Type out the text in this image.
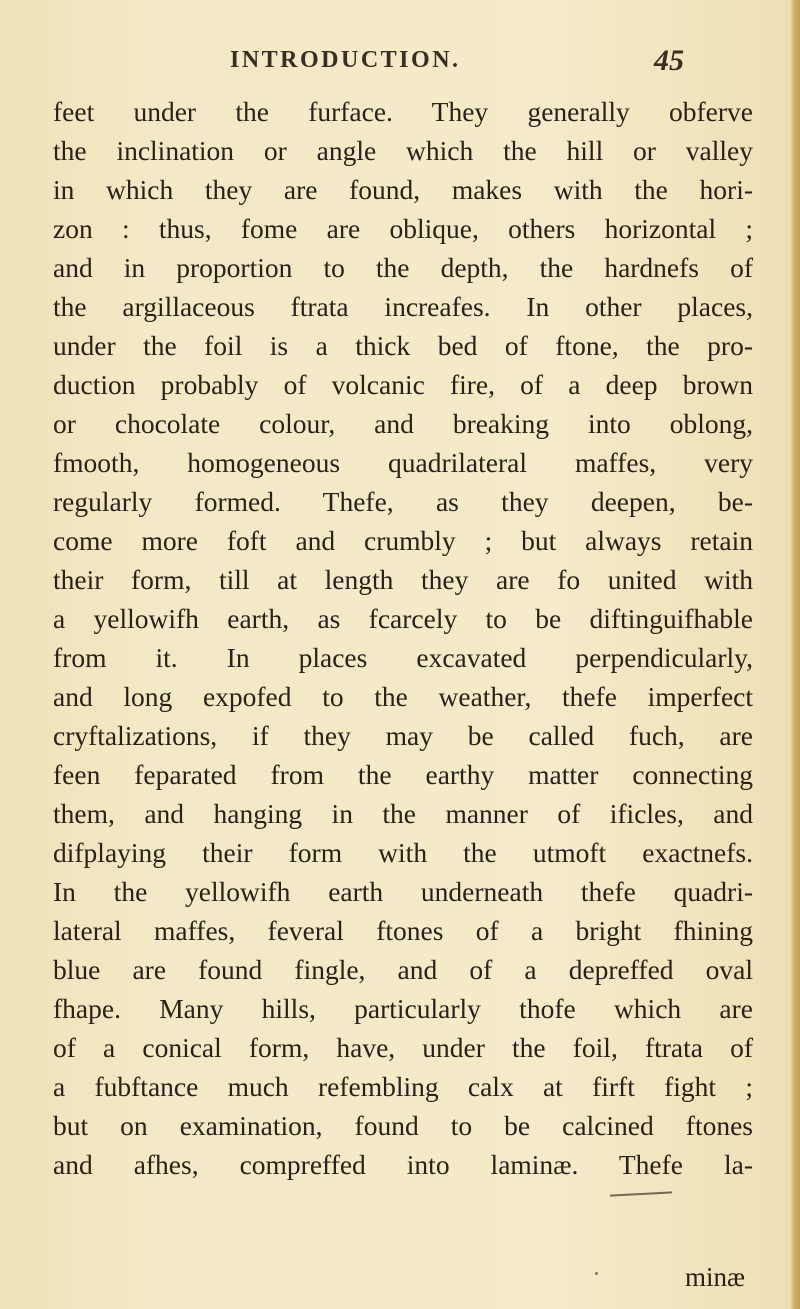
INTRODUCTION.	45
feet under the furface. They generally obferve
the inclination or angle which the hill or valley
in which they are found, makes with the hori-
zon : thus, fome are oblique, others horizontal ;
and in proportion to the depth, the hardnefs of
the argillaceous ftrata increafes. In other places,
under the foil is a thick bed of ftone, the pro-
duction probably of volcanic fire, of a deep brown
or chocolate colour, and breaking into oblong,
fmooth, homogeneous quadrilateral maffes, very
regularly formed. Thefe, as they deepen, be-
come more foft and crumbly ; but always retain
their form, till at length they are fo united with
a yellowifh earth, as fcarcely to be diftinguifhable
from it. In places excavated perpendicularly,
and long expofed to the weather, thefe imperfect
cryftalizations, if they may be called fuch, are
feen feparated from the earthy matter connecting
them, and hanging in the manner of ificles, and
difplaying their form with the utmoft exactnefs.
In the yellowifh earth underneath thefe quadri-
lateral maffes, feveral ftones of a bright fhining
blue are found fingle, and of a depreffed oval
fhape. Many hills, particularly thofe which are
of a conical form, have, under the foil, ftrata of
a fubftance much refembling calx at firft fight ;
but on examination, found to be calcined ftones
and afhes, compreffed into laminæ. Thefe la-
minæ
